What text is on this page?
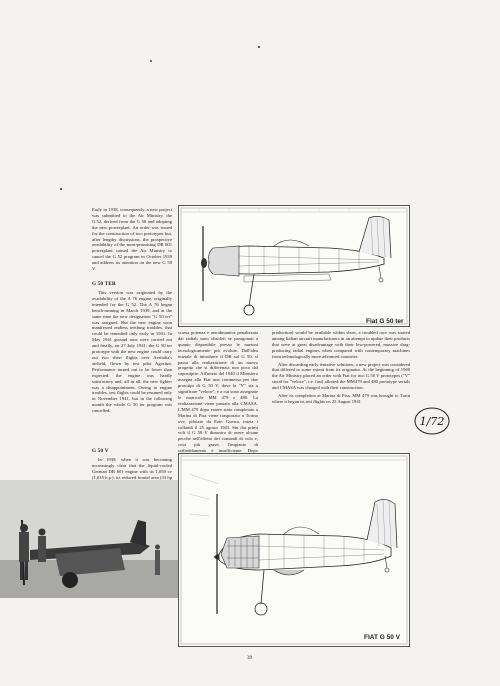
Early in 1938, consequently, a new project was submitted to the Air Ministry, the G.52, derived from the G 50 and adopting the new powerplant. An order was issued for the construction of two prototypes but, after lengthy discussions, the prospective availability of the most-promising DB 601 powerplant caused the Air Ministry to cancel the G 52 program in October 1939 and address its attention on the new G 50 V.

G 50 TER

This version was originated by the availability of the A 76 engine, originally intended for the G 52. The A 76 began bench-running in March 1939, and at the same time the new designation "G 50 ter" was assigned. But the new engine soon manifested endless teething troubles, that could be remedied only early in 1941. In May 1941 ground runs were carried out and finally, on 27 July 1941, the G 50 ter prototype with the new engine could carry out two short flights over Aeritalia's airfield, flown by test pilot Agostini. Performance turned out to be lower than expected, the engine was hardly satisfactory and, all in all, the new fighter was a disappointment. Owing to engine troubles, test flights could be resumed only in November 1941, but in the following month the whole G 50 ter program was cancelled.

G 50 V

In 1939, when it was becoming increasingly clear that the liquid-cooled German DB 601 engine with its 1,050 cv (1,035 h.p.), its reduced frontal area (33 hp

Fiat G 50 ter

scarsa potenza e aerodinamica penalizzata dai radiali sono obsoleti se paragonati a quanto disponibile presso le nazioni tecnologicamente più evolute. Dall'idea iniziale di introdurre il DB sul G 50, si passa alla realizzazione di un nuovo progetto che si differenzia non poco dal capostipite. All'inizio del 1940 il Ministero assegna alla Fiat una commessa per due prototipi di G 50 V, dove la "V" sta a significare "veloce", e a cui sono assegnate le matricole MM 479 e 480. La realizzazione viene passata alla CMASA. L'MM 479 dopo essere stato completato a Marina di Pisa viene trasportato a Torino ove, pilotato da Ezio Guerra, inizia i collaudi il 25 agosto 1941. Sin dai primi voli il G 50 V dimostra di avere alcune pecche nell'effetto dei comandi di volo e, cosa più grave, l'impianto di raffreddamento è insufficiente. Dopo

production) would be available within short, a troubled race was started among Italian aircraft manufacturers in an attempt to update their products that were at great disadvantage with their low-powered, massive drag-producing radial engines when compared with contemporary machines from technologically more advanced countries.

After discarding early tentative solutions, a new project was considered that differed to some extent from its originator. At the beginning of 1940 the Air Ministry placed an order with Fiat for two G 50 V prototypes ("V" stood for "veloce", i.e. fast) allotted the MM479 and 480 prototype serials and CMASA was charged with their construction.

After its completion at Marina di Pisa, MM 479 was brought to Turin where it began its test flights on 25 August 1941

1/72
FIAT G 50 V
39
